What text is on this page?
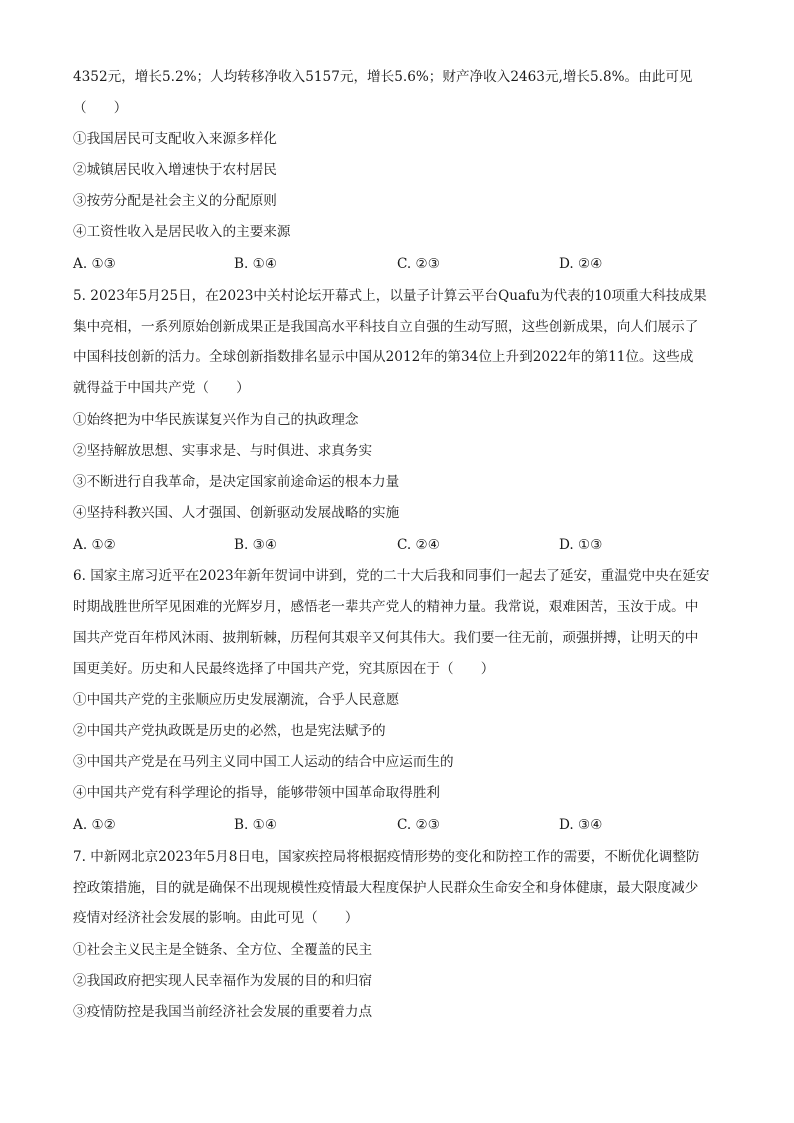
4352元，增长5.2%；人均转移净收入5157元，增长5.6%；财产净收入2463元,增长5.8%。由此可见
（　　）
①我国居民可支配收入来源多样化
②城镇居民收入增速快于农村居民
③按劳分配是社会主义的分配原则
④工资性收入是居民收入的主要来源
A. ①③	B. ①④	C. ②③	D. ②④
5. 2023年5月25日，在2023中关村论坛开幕式上，以量子计算云平台Quafu为代表的10项重大科技成果
集中亮相，一系列原始创新成果正是我国高水平科技自立自强的生动写照，这些创新成果，向人们展示了
中国科技创新的活力。全球创新指数排名显示中国从2012年的第34位上升到2022年的第11位。这些成
就得益于中国共产党（　　）
①始终把为中华民族谋复兴作为自己的执政理念
②坚持解放思想、实事求是、与时俱进、求真务实
③不断进行自我革命，是决定国家前途命运的根本力量
④坚持科教兴国、人才强国、创新驱动发展战略的实施
A. ①②	B. ③④	C. ②④	D. ①③
6. 国家主席习近平在2023年新年贺词中讲到，党的二十大后我和同事们一起去了延安，重温党中央在延安
时期战胜世所罕见困难的光辉岁月，感悟老一辈共产党人的精神力量。我常说，艰难困苦，玉汝于成。中
国共产党百年栉风沐雨、披荆斩棘，历程何其艰辛又何其伟大。我们要一往无前，顽强拼搏，让明天的中
国更美好。历史和人民最终选择了中国共产党，究其原因在于（　　）
①中国共产党的主张顺应历史发展潮流，合乎人民意愿
②中国共产党执政既是历史的必然，也是宪法赋予的
③中国共产党是在马列主义同中国工人运动的结合中应运而生的
④中国共产党有科学理论的指导，能够带领中国革命取得胜利
A. ①②	B. ①④	C. ②③	D. ③④
7. 中新网北京2023年5月8日电，国家疾控局将根据疫情形势的变化和防控工作的需要，不断优化调整防
控政策措施，目的就是确保不出现规模性疫情最大程度保护人民群众生命安全和身体健康，最大限度减少
疫情对经济社会发展的影响。由此可见（　　）
①社会主义民主是全链条、全方位、全覆盖的民主
②我国政府把实现人民幸福作为发展的目的和归宿
③疫情防控是我国当前经济社会发展的重要着力点
